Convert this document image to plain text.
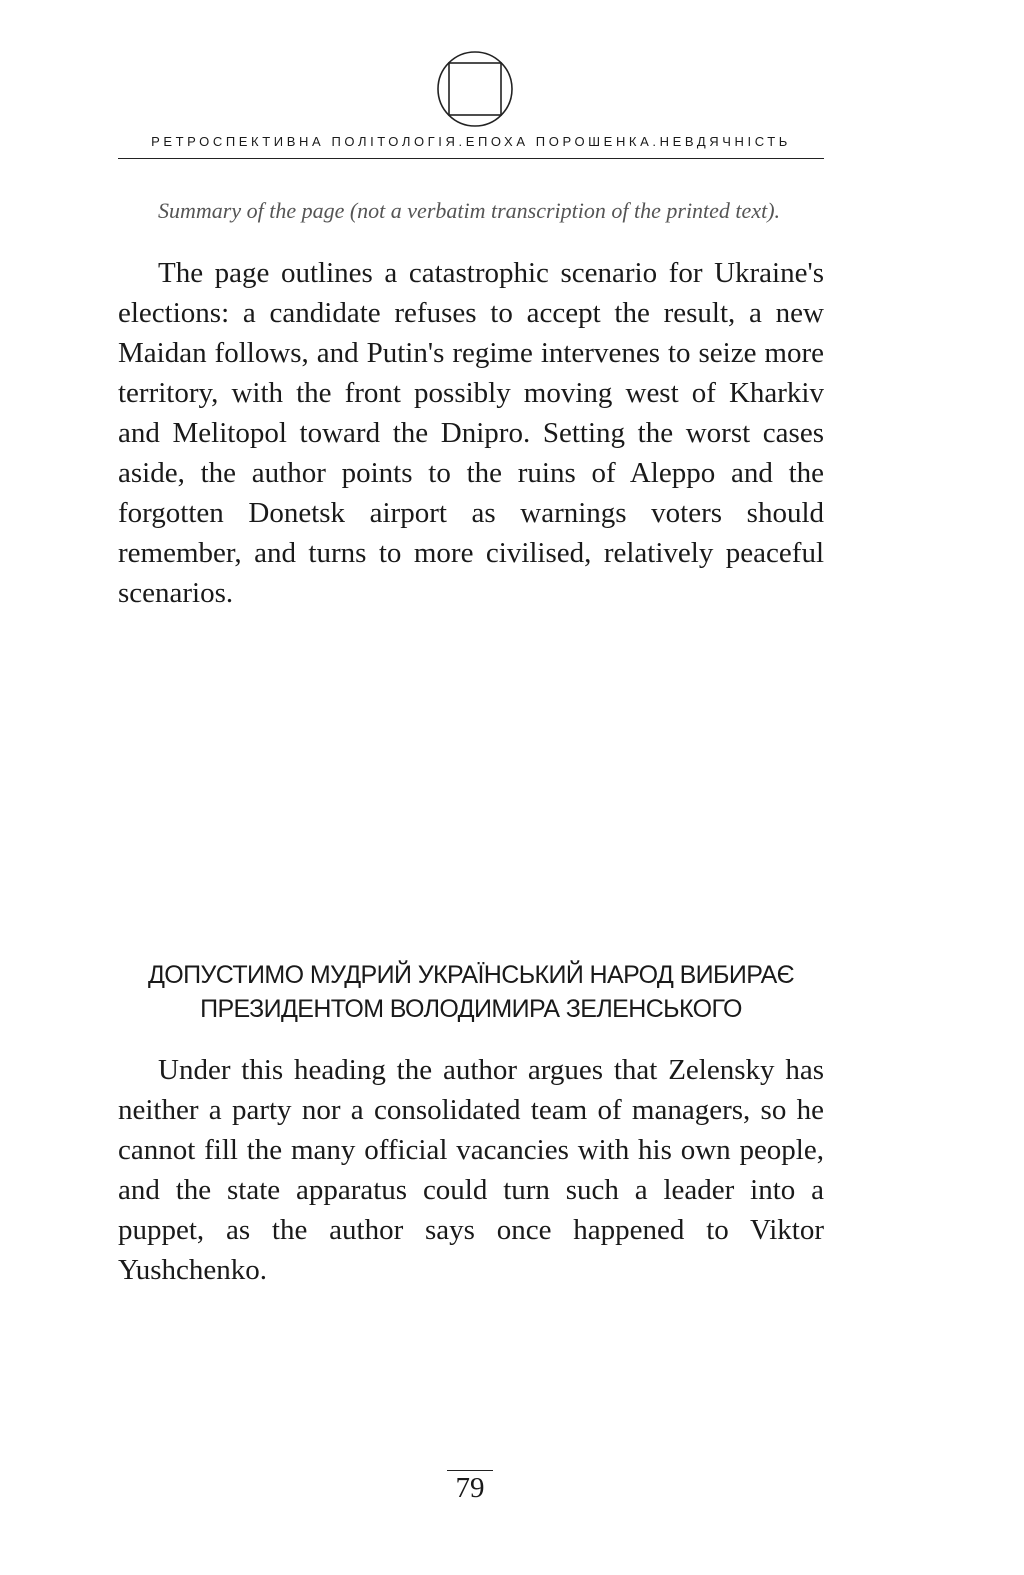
РЕТРОСПЕКТИВНА ПОЛІТОЛОГІЯ.ЕПОХА ПОРОШЕНКА.НЕВДЯЧНІСТЬ

Summary of the page (not a verbatim transcription of the printed text).

The page outlines a catastrophic scenario for Ukraine's elections: a candidate refuses to accept the result, a new Maidan follows, and Putin's regime intervenes to seize more territory, with the front possibly moving west of Kharkiv and Melitopol toward the Dnipro. Setting the worst cases aside, the author points to the ruins of Aleppo and the forgotten Donetsk airport as warnings voters should remember, and turns to more civilised, relatively peaceful scenarios.

ДОПУСТИМО МУДРИЙ УКРАЇНСЬКИЙ НАРОД ВИБИРАЄ ПРЕЗИДЕНТОМ ВОЛОДИМИРА ЗЕЛЕНСЬКОГО

Under this heading the author argues that Zelensky has neither a party nor a consolidated team of managers, so he cannot fill the many official vacancies with his own people, and the state apparatus could turn such a leader into a puppet, as the author says once happened to Viktor Yushchenko.

79
